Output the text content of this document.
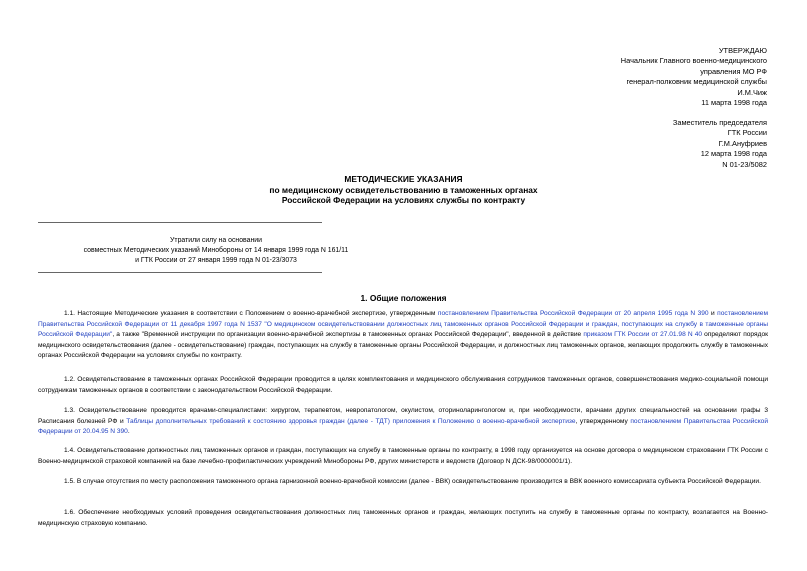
УТВЕРЖДАЮ
Начальник Главного военно-медицинского
управления МО РФ
генерал-полковник медицинской службы
И.М.Чиж
11 марта 1998 года
Заместитель председателя
ГТК России
Г.М.Ануфриев
12 марта 1998 года
N 01-23/5082
МЕТОДИЧЕСКИЕ УКАЗАНИЯ
по медицинскому освидетельствованию в таможенных органах
Российской Федерации на условиях службы по контракту
Утратили силу на основании
совместных Методических указаний Минобороны от 14 января 1999 года N 161/11
и ГТК России от 27 января 1999 года N 01-23/3073
1. Общие положения
1.1. Настоящие Методические указания в соответствии с Положением о военно-врачебной экспертизе, утвержденным постановлением Правительства Российской Федерации от 20 апреля 1995 года N 390 и постановлением Правительства Российской Федерации от 11 декабря 1997 года N 1537 "О медицинском освидетельствовании должностных лиц таможенных органов Российской Федерации и граждан, поступающих на службу в таможенные органы Российской Федерации", а также "Временной инструкции по организации военно-врачебной экспертизы в таможенных органах Российской Федерации", введенной в действие приказом ГТК России от 27.01.98 N 40 определяют порядок медицинского освидетельствования (далее - освидетельствование) граждан, поступающих на службу в таможенные органы Российской Федерации, и должностных лиц таможенных органов, желающих продолжить службу в таможенных органах Российской Федерации на условиях службы по контракту.
1.2. Освидетельствование в таможенных органах Российской Федерации проводится в целях комплектования и медицинского обслуживания сотрудников таможенных органов, совершенствования медико-социальной помощи сотрудникам таможенных органов в соответствии с законодательством Российской Федерации.
1.3. Освидетельствование проводится врачами-специалистами: хирургом, терапевтом, невропатологом, окулистом, оториноларингологом и, при необходимости, врачами других специальностей на основании графы 3 Расписания болезней РФ и Таблицы дополнительных требований к состоянию здоровья граждан (далее - ТДТ) приложения к Положению о военно-врачебной экспертизе, утвержденному постановлением Правительства Российской Федерации от 20.04.95 N 390.
1.4. Освидетельствование должностных лиц таможенных органов и граждан, поступающих на службу в таможенные органы по контракту, в 1998 году организуется на основе договора о медицинском страховании ГТК России с Военно-медицинской страховой компанией на базе лечебно-профилактических учреждений Минобороны РФ, других министерств и ведомств (Договор N ДСК-98/0000001/1).
1.5. В случае отсутствия по месту расположения таможенного органа гарнизонной военно-врачебной комиссии (далее - ВВК) освидетельствование производится в ВВК военного комиссариата субъекта Российской Федерации.
1.6. Обеспечение необходимых условий проведения освидетельствования должностных лиц таможенных органов и граждан, желающих поступить на службу в таможенные органы по контракту, возлагается на Военно-медицинскую страховую компанию.
